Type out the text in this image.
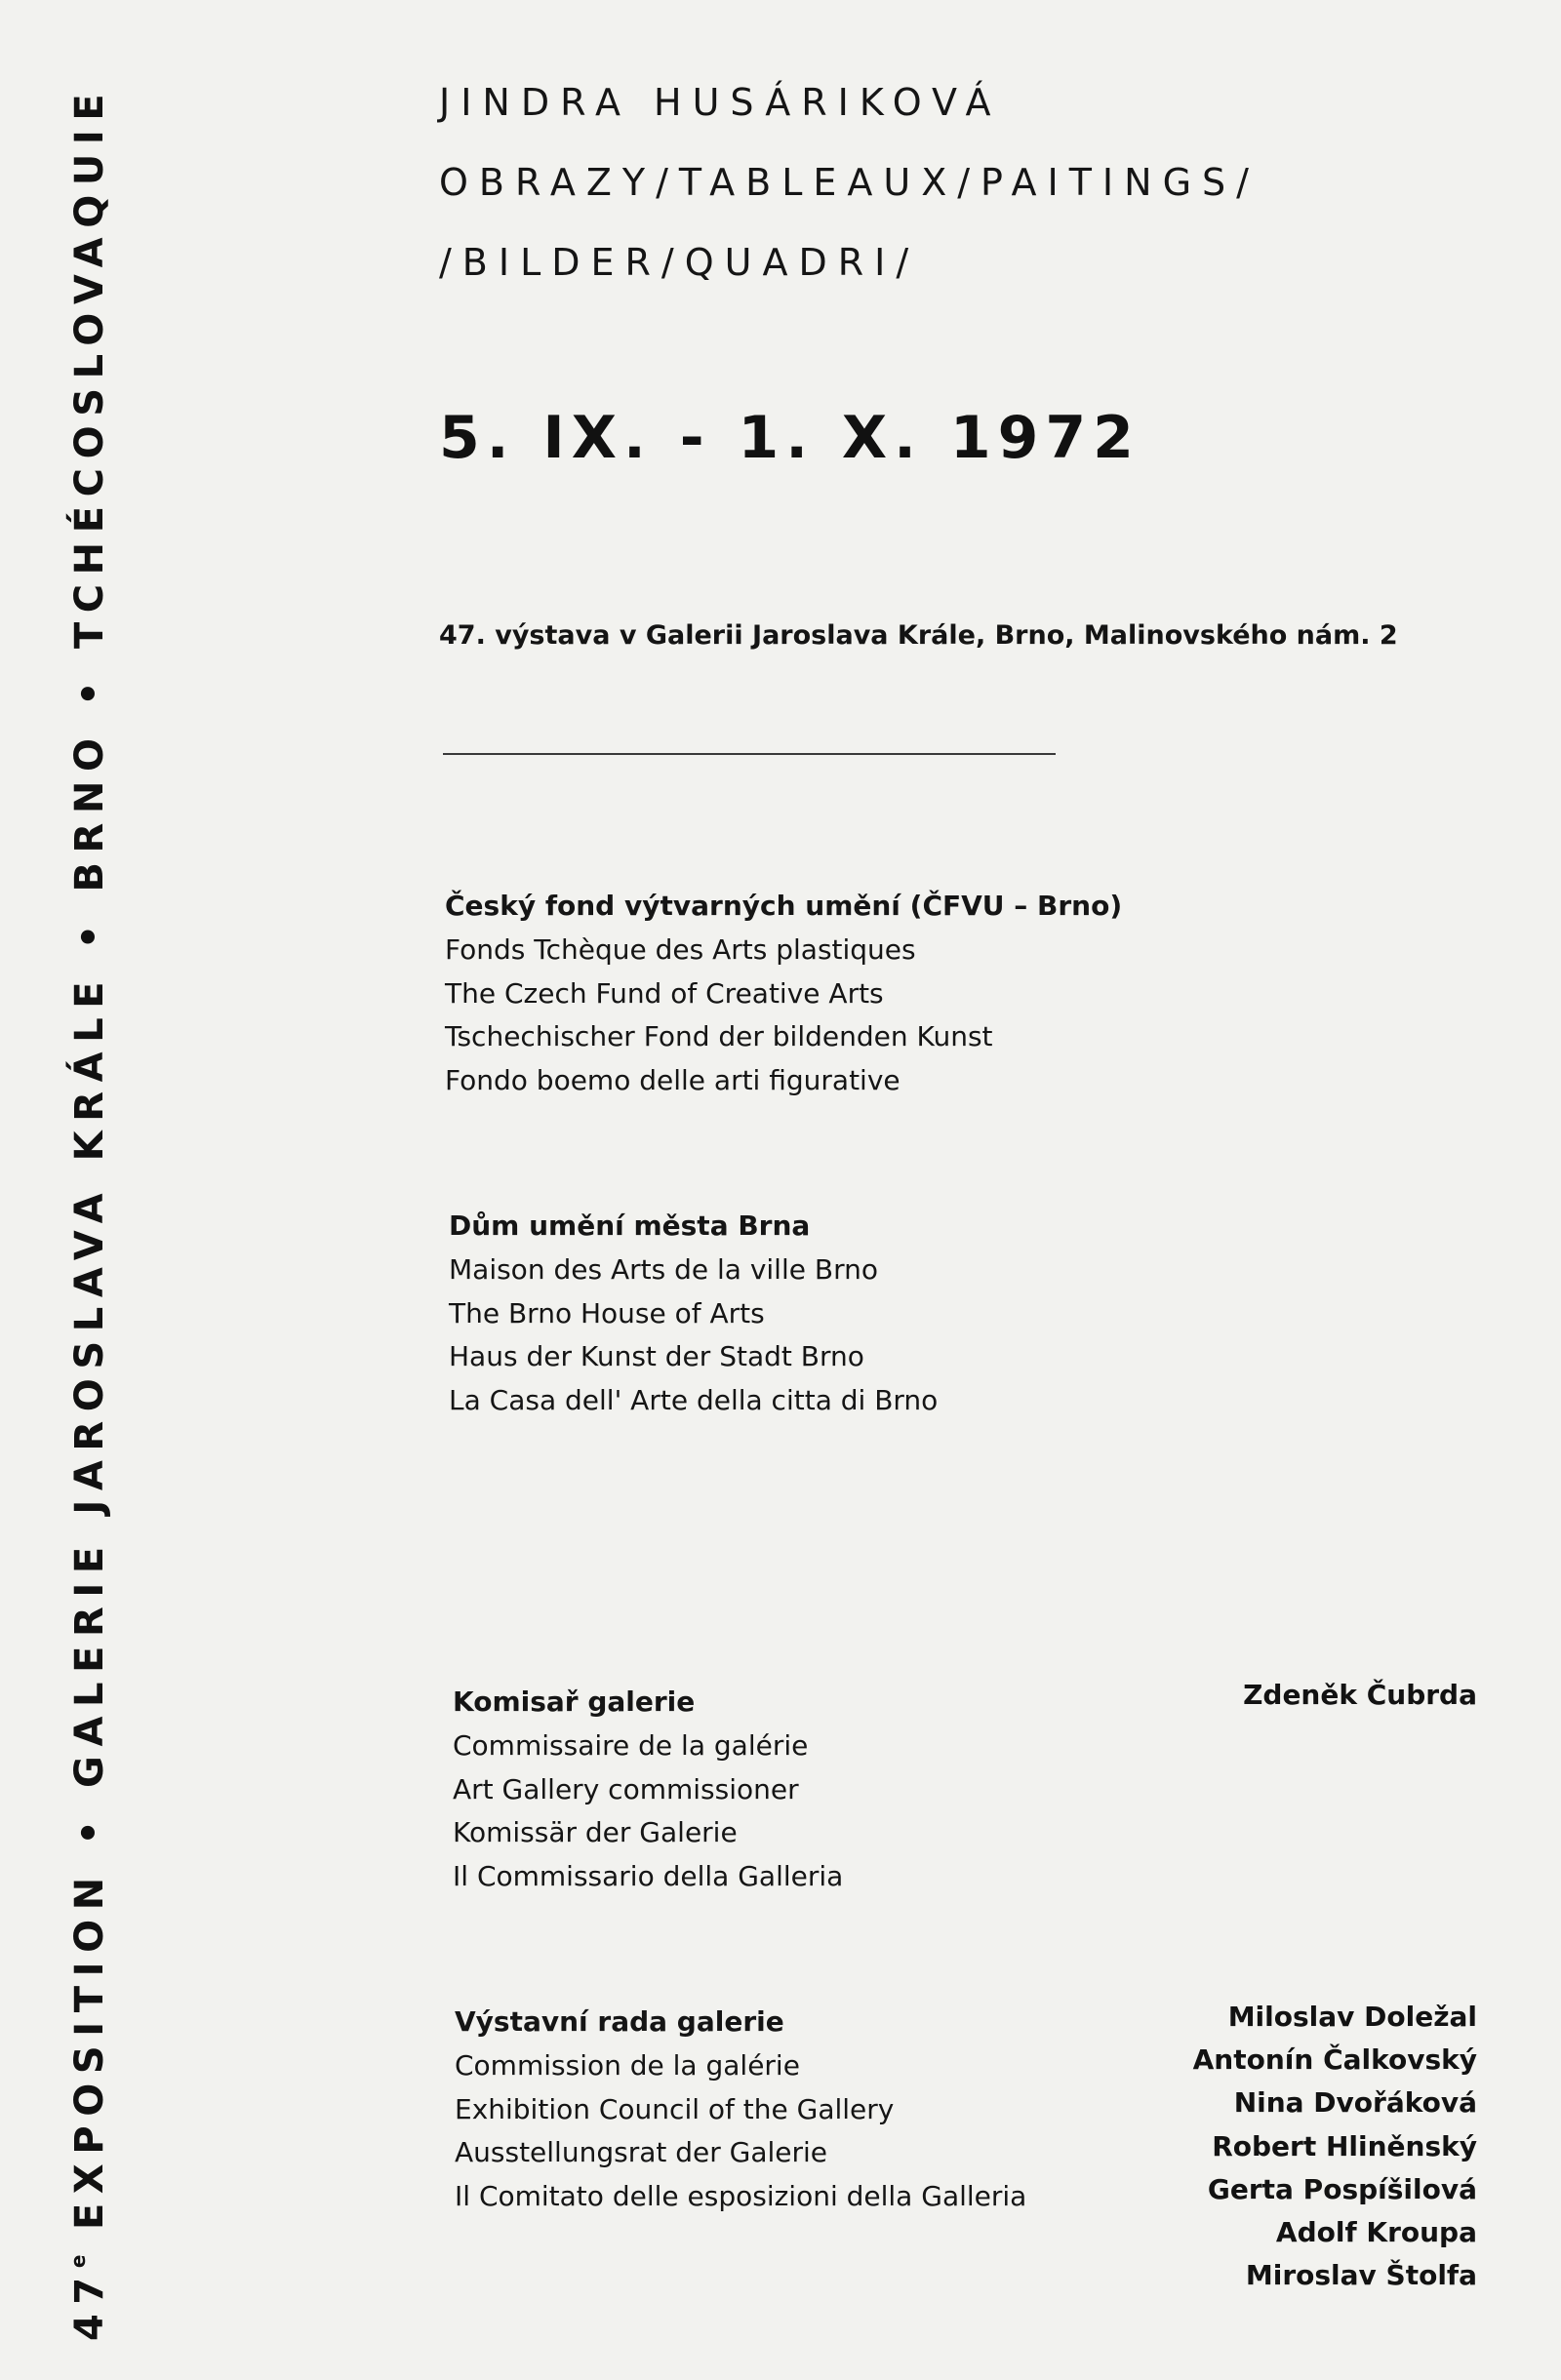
47e EXPOSITION • GALERIE JAROSLAVA KRÁLE • BRNO • TCHÉCOSLOVAQUIE	JINDRA HUSÁRIKOVÁ
OBRAZY/TABLEAUX/PAITINGS/
/BILDER/QUADRI/
5. IX. - 1. X. 1972
47. výstava v Galerii Jaroslava Krále, Brno, Malinovského nám. 2
Český fond výtvarných umění (ČFVU – Brno)
Fonds Tchèque des Arts plastiques
The Czech Fund of Creative Arts
Tschechischer Fond der bildenden Kunst
Fondo boemo delle arti figurative
Dům umění města Brna
Maison des Arts de la ville Brno
The Brno House of Arts
Haus der Kunst der Stadt Brno
La Casa dell' Arte della citta di Brno
Komisař galerie
Commissaire de la galérie
Art Gallery commissioner
Komissär der Galerie
Il Commissario della Galleria
Zdeněk Čubrda
Výstavní rada galerie
Commission de la galérie
Exhibition Council of the Gallery
Ausstellungsrat der Galerie
Il Comitato delle esposizioni della Galleria
Miloslav Doležal
Antonín Čalkovský
Nina Dvořáková
Robert Hliněnský
Gerta Pospíšilová
Adolf Kroupa
Miroslav Štolfa
